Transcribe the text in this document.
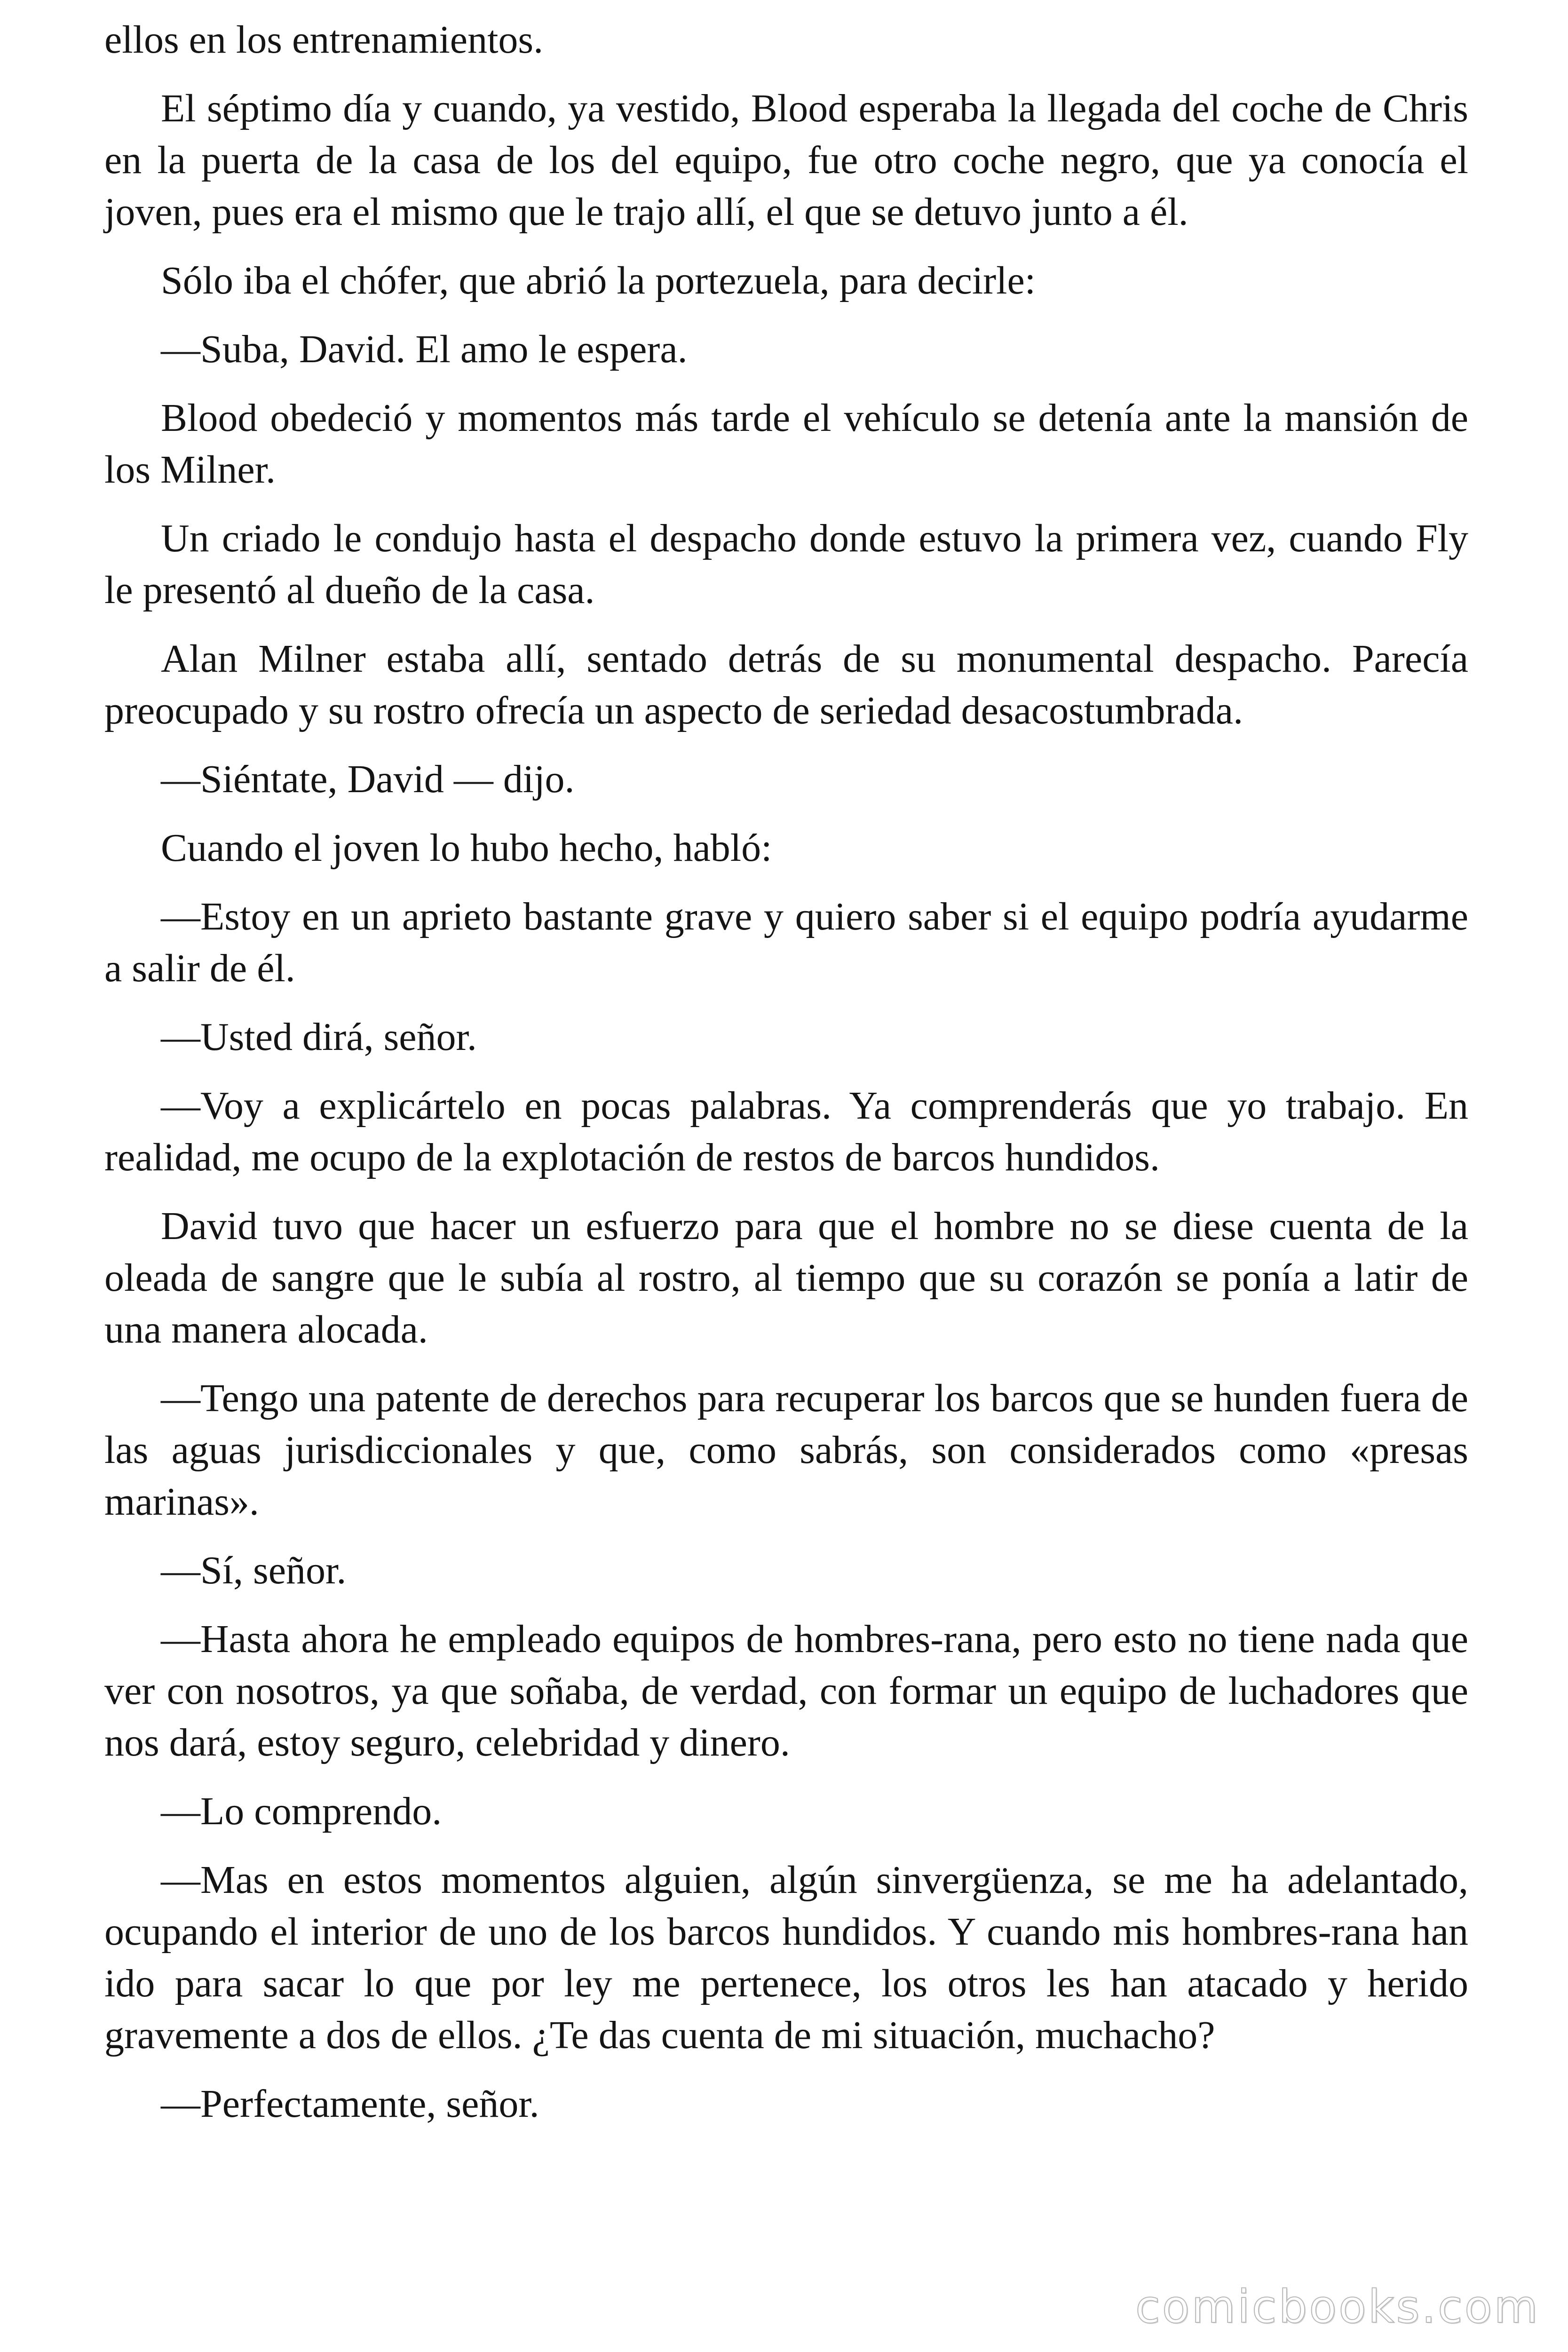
ellos en los entrenamientos.

El séptimo día y cuando, ya vestido, Blood esperaba la llegada del coche de Chris en la puerta de la casa de los del equipo, fue otro coche negro, que ya conocía el joven, pues era el mismo que le trajo allí, el que se detuvo junto a él.

Sólo iba el chófer, que abrió la portezuela, para decirle:

—Suba, David. El amo le espera.

Blood obedeció y momentos más tarde el vehículo se detenía ante la mansión de los Milner.

Un criado le condujo hasta el despacho donde estuvo la primera vez, cuando Fly le presentó al dueño de la casa.

Alan Milner estaba allí, sentado detrás de su monumental despacho. Parecía preocupado y su rostro ofrecía un aspecto de seriedad desacostumbrada.

—Siéntate, David — dijo.

Cuando el joven lo hubo hecho, habló:

—Estoy en un aprieto bastante grave y quiero saber si el equipo podría ayudarme a salir de él.

—Usted dirá, señor.

—Voy a explicártelo en pocas palabras. Ya comprenderás que yo trabajo. En realidad, me ocupo de la explotación de restos de barcos hundidos.

David tuvo que hacer un esfuerzo para que el hombre no se diese cuenta de la oleada de sangre que le subía al rostro, al tiempo que su corazón se ponía a latir de una manera alocada.

—Tengo una patente de derechos para recuperar los barcos que se hunden fuera de las aguas jurisdiccionales y que, como sabrás, son considerados como «presas marinas».

—Sí, señor.

—Hasta ahora he empleado equipos de hombres-rana, pero esto no tiene nada que ver con nosotros, ya que soñaba, de verdad, con formar un equipo de luchadores que nos dará, estoy seguro, celebridad y dinero.

—Lo comprendo.

—Mas en estos momentos alguien, algún sinvergüenza, se me ha adelantado, ocupando el interior de uno de los barcos hundidos. Y cuando mis hombres-rana han ido para sacar lo que por ley me pertenece, los otros les han atacado y herido gravemente a dos de ellos. ¿Te das cuenta de mi situación, muchacho?

—Perfectamente, señor.

comicbooks.com
